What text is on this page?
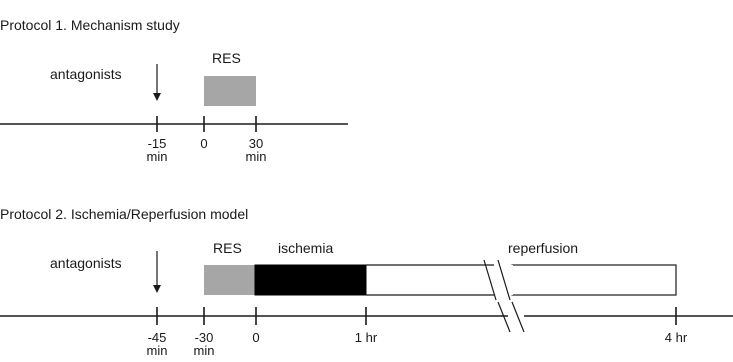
Protocol 1. Mechanism study
antagonists
RES
-15
min
0	30
min
Protocol 2. Ischemia/Reperfusion model
antagonists
RES	ischemia	reperfusion
-45
min
-30
min
0	1 hr	4 hr
